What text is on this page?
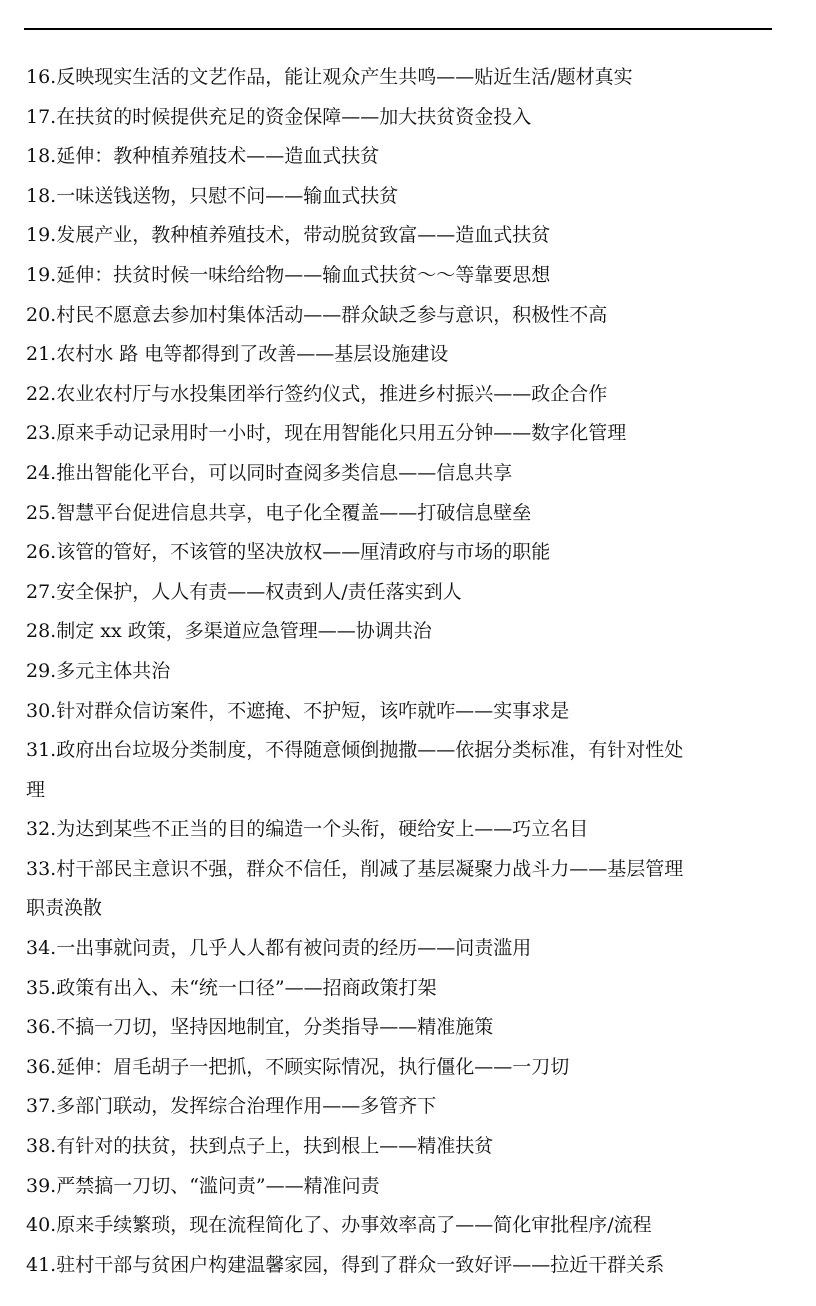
16.反映现实生活的文艺作品，能让观众产生共鸣——贴近生活/题材真实
17.在扶贫的时候提供充足的资金保障——加大扶贫资金投入
18.延伸：教种植养殖技术——造血式扶贫
18.一味送钱送物，只慰不问——输血式扶贫
19.发展产业，教种植养殖技术，带动脱贫致富——造血式扶贫
19.延伸：扶贫时候一味给给物——输血式扶贫～～等靠要思想
20.村民不愿意去参加村集体活动——群众缺乏参与意识，积极性不高
21.农村水 路 电等都得到了改善——基层设施建设
22.农业农村厅与水投集团举行签约仪式，推进乡村振兴——政企合作
23.原来手动记录用时一小时，现在用智能化只用五分钟——数字化管理
24.推出智能化平台，可以同时查阅多类信息——信息共享
25.智慧平台促进信息共享，电子化全覆盖——打破信息壁垒
26.该管的管好，不该管的坚决放权——厘清政府与市场的职能
27.安全保护，人人有责——权责到人/责任落实到人
28.制定 xx 政策，多渠道应急管理——协调共治
29.多元主体共治
30.针对群众信访案件，不遮掩、不护短，该咋就咋——实事求是
31.政府出台垃圾分类制度，不得随意倾倒抛撒——依据分类标准，有针对性处
理
32.为达到某些不正当的目的编造一个头衔，硬给安上——巧立名目
33.村干部民主意识不强，群众不信任，削减了基层凝聚力战斗力——基层管理
职责涣散
34.一出事就问责，几乎人人都有被问责的经历——问责滥用
35.政策有出入、未“统一口径”——招商政策打架
36.不搞一刀切，坚持因地制宜，分类指导——精准施策
36.延伸：眉毛胡子一把抓，不顾实际情况，执行僵化——一刀切
37.多部门联动，发挥综合治理作用——多管齐下
38.有针对的扶贫，扶到点子上，扶到根上——精准扶贫
39.严禁搞一刀切、“滥问责”——精准问责
40.原来手续繁琐，现在流程简化了、办事效率高了——简化审批程序/流程
41.驻村干部与贫困户构建温馨家园，得到了群众一致好评——拉近干群关系
